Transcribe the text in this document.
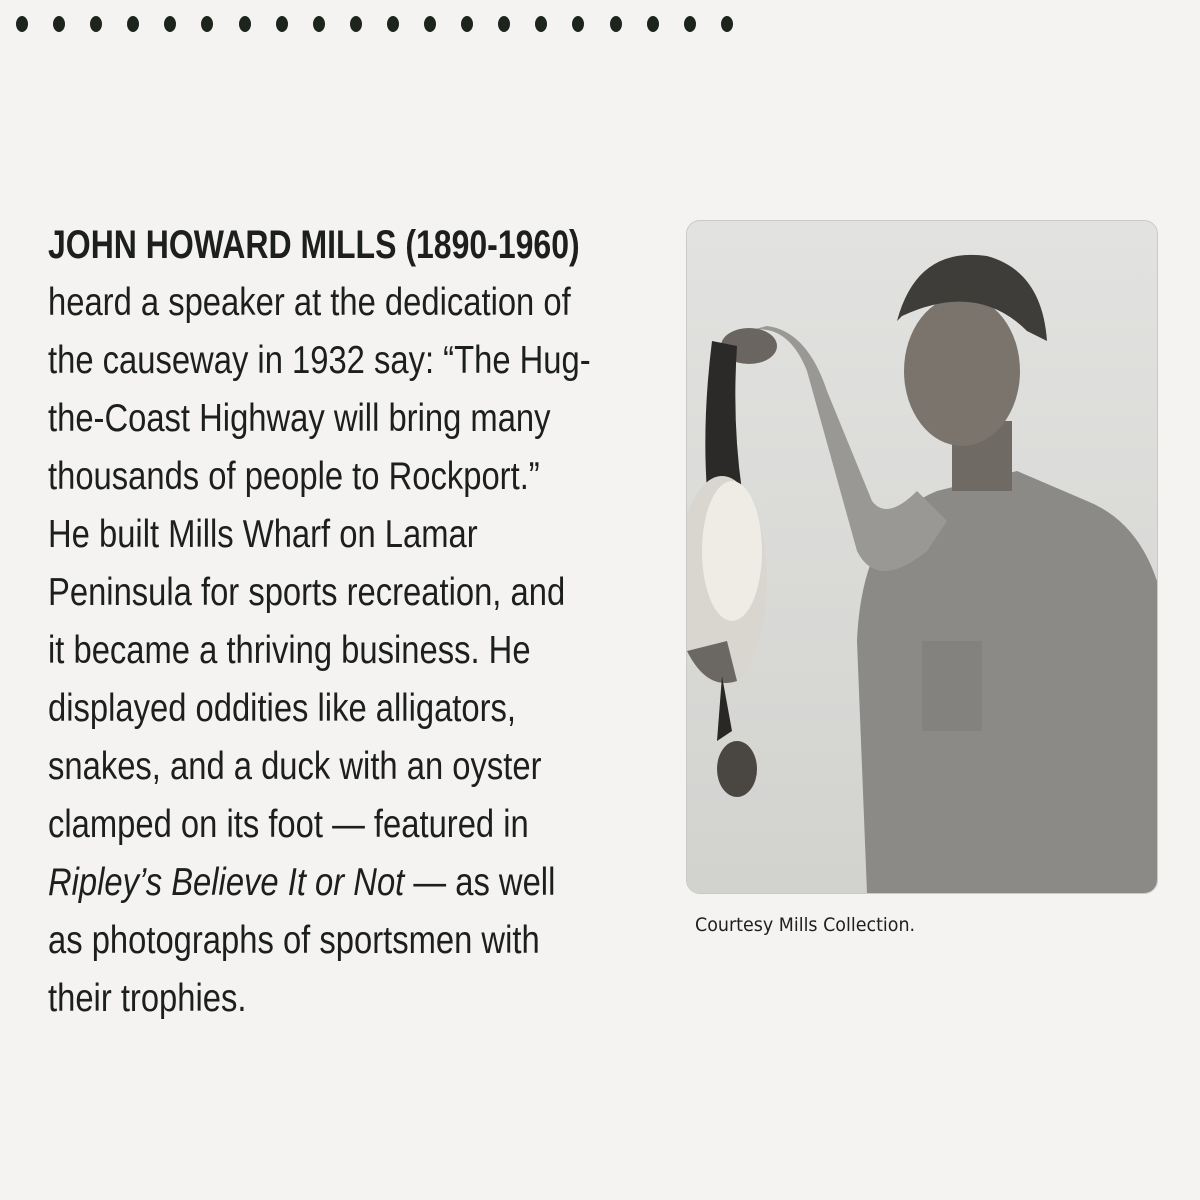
JOHN HOWARD MILLS (1890-1960)
heard a speaker at the dedication of
the causeway in 1932 say: “The Hug-
the-Coast Highway will bring many
thousands of people to Rockport.”
He built Mills Wharf on Lamar
Peninsula for sports recreation, and
it became a thriving business. He
displayed oddities like alligators,
snakes, and a duck with an oyster
clamped on its foot — featured in
Ripley’s Believe It or Not — as well
as photographs of sportsmen with
their trophies.
Courtesy Mills Collection.
